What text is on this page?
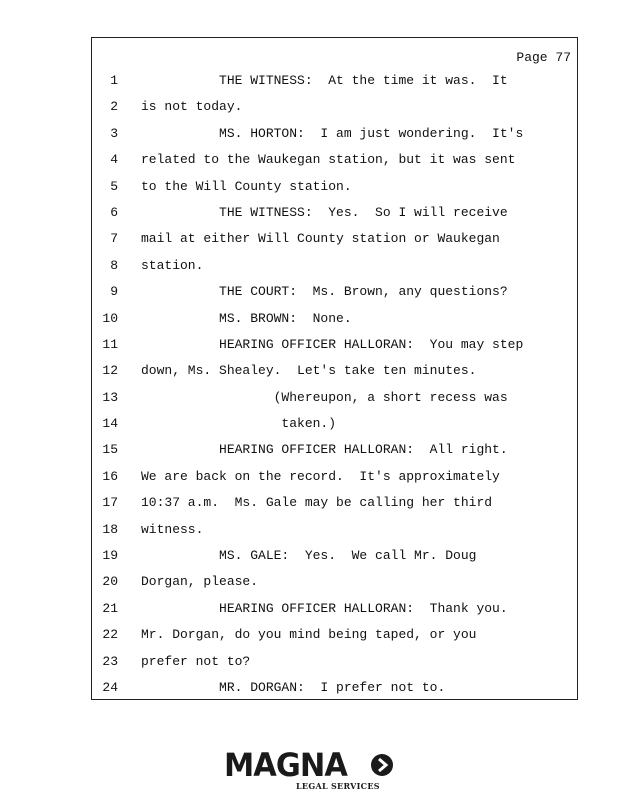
Page 77
1 THE WITNESS:  At the time it was.  It
2 is not today.
3 MS. HORTON:  I am just wondering.  It's
4 related to the Waukegan station, but it was sent
5 to the Will County station.
6 THE WITNESS:  Yes.  So I will receive
7 mail at either Will County station or Waukegan
8 station.
9 THE COURT:  Ms. Brown, any questions?
10 MS. BROWN:  None.
11 HEARING OFFICER HALLORAN:  You may step
12 down, Ms. Shealey.  Let's take ten minutes.
13 (Whereupon, a short recess was
14 taken.)
15 HEARING OFFICER HALLORAN:  All right.
16 We are back on the record.  It's approximately
17 10:37 a.m.  Ms. Gale may be calling her third
18 witness.
19 MS. GALE:  Yes.  We call Mr. Doug
20 Dorgan, please.
21 HEARING OFFICER HALLORAN:  Thank you.
22 Mr. Dorgan, do you mind being taped, or you
23 prefer not to?
24 MR. DORGAN:  I prefer not to.
MAGNA
LEGAL SERVICES
